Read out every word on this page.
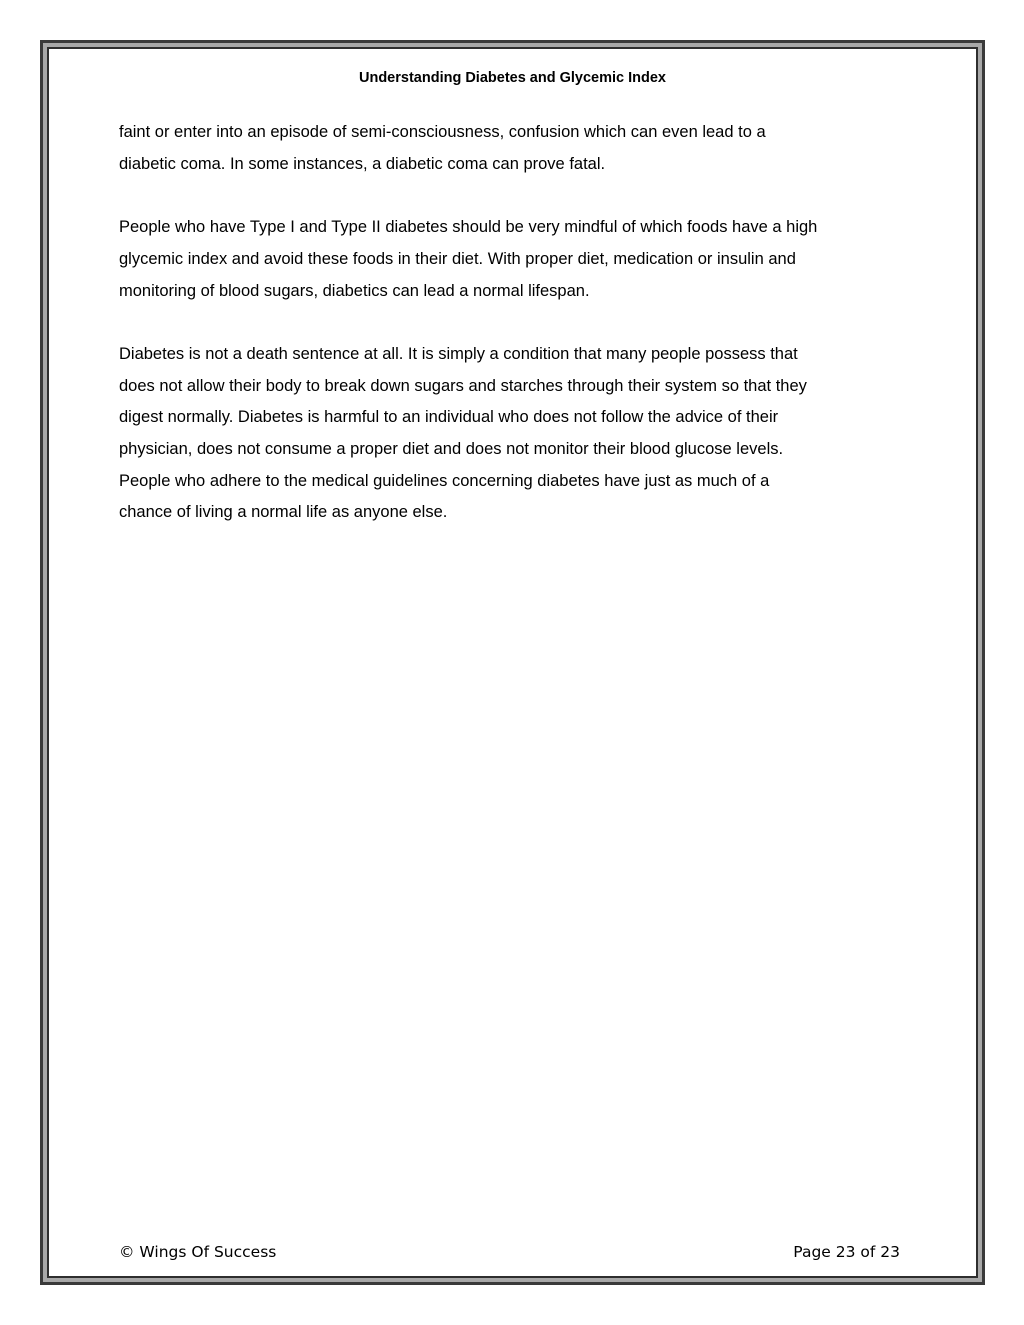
Understanding Diabetes and Glycemic Index

faint or enter into an episode of semi-consciousness, confusion which can even lead to a
diabetic coma. In some instances, a diabetic coma can prove fatal.

People who have Type I and Type II diabetes should be very mindful of which foods have a high
glycemic index and avoid these foods in their diet. With proper diet, medication or insulin and
monitoring of blood sugars, diabetics can lead a normal lifespan.

Diabetes is not a death sentence at all. It is simply a condition that many people possess that
does not allow their body to break down sugars and starches through their system so that they
digest normally. Diabetes is harmful to an individual who does not follow the advice of their
physician, does not consume a proper diet and does not monitor their blood glucose levels.
People who adhere to the medical guidelines concerning diabetes have just as much of a
chance of living a normal life as anyone else.

© Wings Of Success	Page 23 of 23
